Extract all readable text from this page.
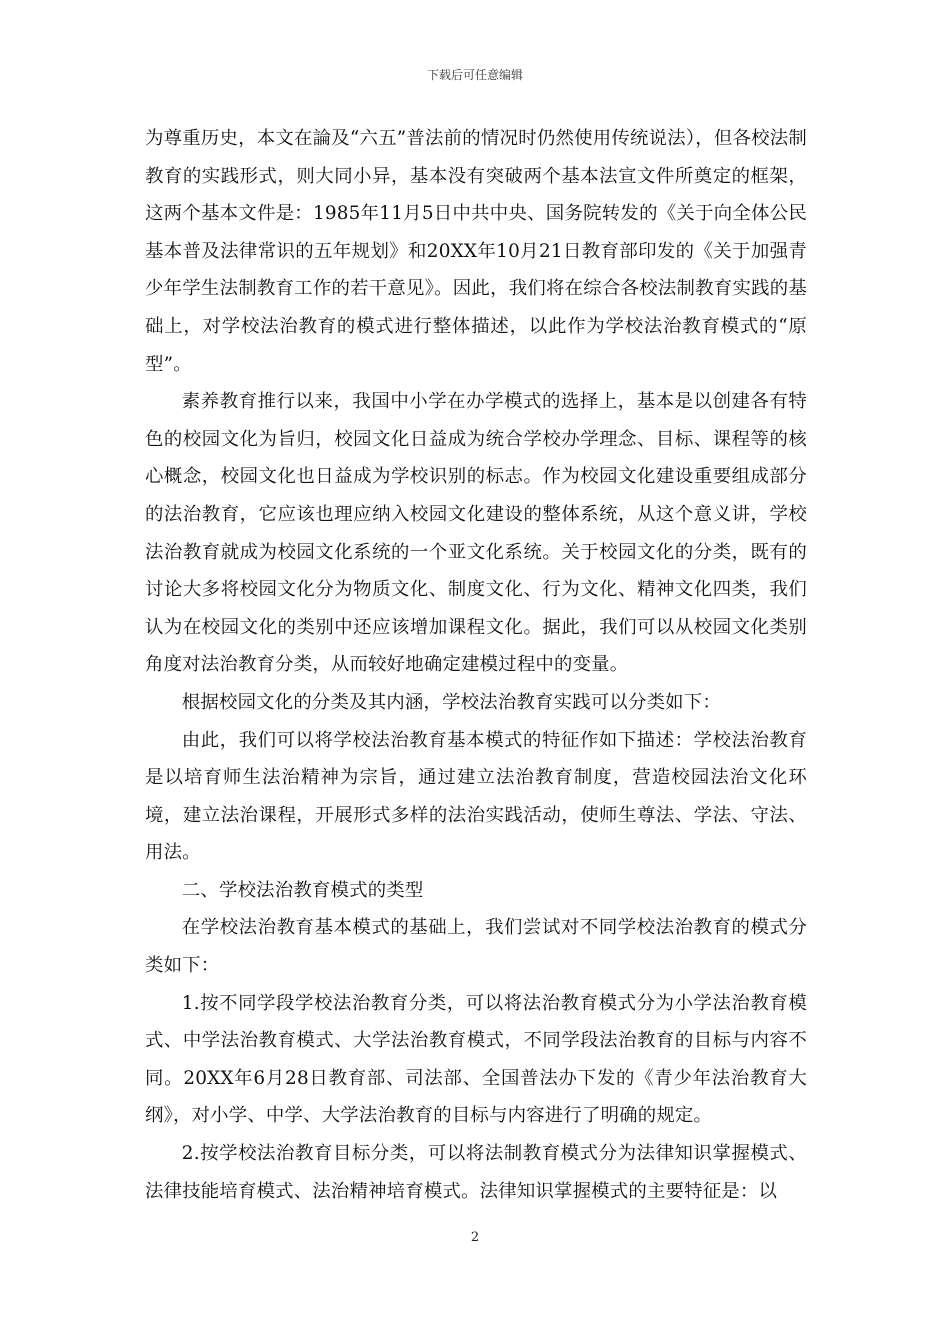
下载后可任意编辑

为尊重历史，本文在論及“六五”普法前的情况时仍然使用传统说法），但各校法制教育的实践形式，则大同小异，基本没有突破两个基本法宣文件所奠定的框架，这两个基本文件是：1985年11月5日中共中央、国务院转发的《关于向全体公民基本普及法律常识的五年规划》和20XX年10月21日教育部印发的《关于加强青少年学生法制教育工作的若干意见》。因此，我们将在综合各校法制教育实践的基础上，对学校法治教育的模式进行整体描述，以此作为学校法治教育模式的“原型”。

素养教育推行以来，我国中小学在办学模式的选择上，基本是以创建各有特色的校园文化为旨归，校园文化日益成为统合学校办学理念、目标、课程等的核心概念，校园文化也日益成为学校识别的标志。作为校园文化建设重要组成部分的法治教育，它应该也理应纳入校园文化建设的整体系统，从这个意义讲，学校法治教育就成为校园文化系统的一个亚文化系统。关于校园文化的分类，既有的讨论大多将校园文化分为物质文化、制度文化、行为文化、精神文化四类，我们认为在校园文化的类别中还应该增加课程文化。据此，我们可以从校园文化类别角度对法治教育分类，从而较好地确定建模过程中的变量。

根据校园文化的分类及其内涵，学校法治教育实践可以分类如下：

由此，我们可以将学校法治教育基本模式的特征作如下描述：学校法治教育是以培育师生法治精神为宗旨，通过建立法治教育制度，营造校园法治文化环境，建立法治课程，开展形式多样的法治实践活动，使师生尊法、学法、守法、用法。

二、学校法治教育模式的类型

在学校法治教育基本模式的基础上，我们尝试对不同学校法治教育的模式分类如下：

1.按不同学段学校法治教育分类，可以将法治教育模式分为小学法治教育模式、中学法治教育模式、大学法治教育模式，不同学段法治教育的目标与内容不同。20XX年6月28日教育部、司法部、全国普法办下发的《青少年法治教育大纲》，对小学、中学、大学法治教育的目标与内容进行了明确的规定。

2.按学校法治教育目标分类，可以将法制教育模式分为法律知识掌握模式、法律技能培育模式、法治精神培育模式。法律知识掌握模式的主要特征是：以

2
